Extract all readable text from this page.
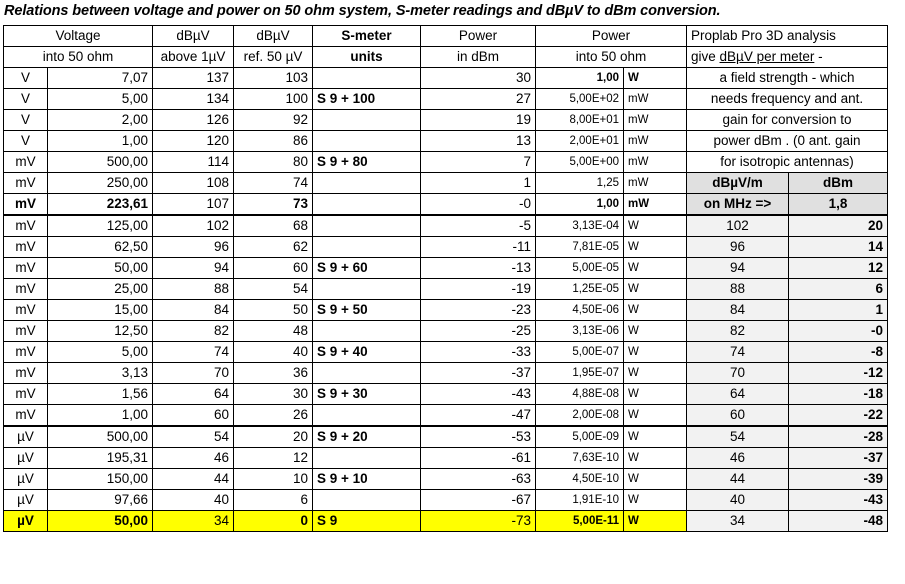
Relations between voltage and power on 50 ohm system, S-meter readings and dBµV to dBm conversion.
Voltage		dBµV	dBµV	S-meter	Power	Power		Proplab Pro 3D analysis	
into 50 ohm		above 1µV	ref. 50 µV	units	in dBm	into 50 ohm		give dBµV per meter -	
V	7,07	137	103		30	1,00	W	a field strength - which	
V	5,00	134	100	S 9 + 100	27	5,00E+02	mW	needs frequency and ant.	
V	2,00	126	92		19	8,00E+01	mW	gain for conversion to	
V	1,00	120	86		13	2,00E+01	mW	power dBm . (0 ant. gain	
mV	500,00	114	80	S 9 + 80	7	5,00E+00	mW	for isotropic antennas)	
mV	250,00	108	74		1	1,25	mW	dBµV/m	dBm
mV	223,61	107	73		-0	1,00	mW	on MHz =>	1,8
mV	125,00	102	68		-5	3,13E-04	W	102	20
mV	62,50	96	62		-11	7,81E-05	W	96	14
mV	50,00	94	60	S 9 + 60	-13	5,00E-05	W	94	12
mV	25,00	88	54		-19	1,25E-05	W	88	6
mV	15,00	84	50	S 9 + 50	-23	4,50E-06	W	84	1
mV	12,50	82	48		-25	3,13E-06	W	82	-0
mV	5,00	74	40	S 9 + 40	-33	5,00E-07	W	74	-8
mV	3,13	70	36		-37	1,95E-07	W	70	-12
mV	1,56	64	30	S 9 + 30	-43	4,88E-08	W	64	-18
mV	1,00	60	26		-47	2,00E-08	W	60	-22
µV	500,00	54	20	S 9 + 20	-53	5,00E-09	W	54	-28
µV	195,31	46	12		-61	7,63E-10	W	46	-37
µV	150,00	44	10	S 9 + 10	-63	4,50E-10	W	44	-39
µV	97,66	40	6		-67	1,91E-10	W	40	-43
µV	50,00	34	0	S 9	-73	5,00E-11	W	34	-48
